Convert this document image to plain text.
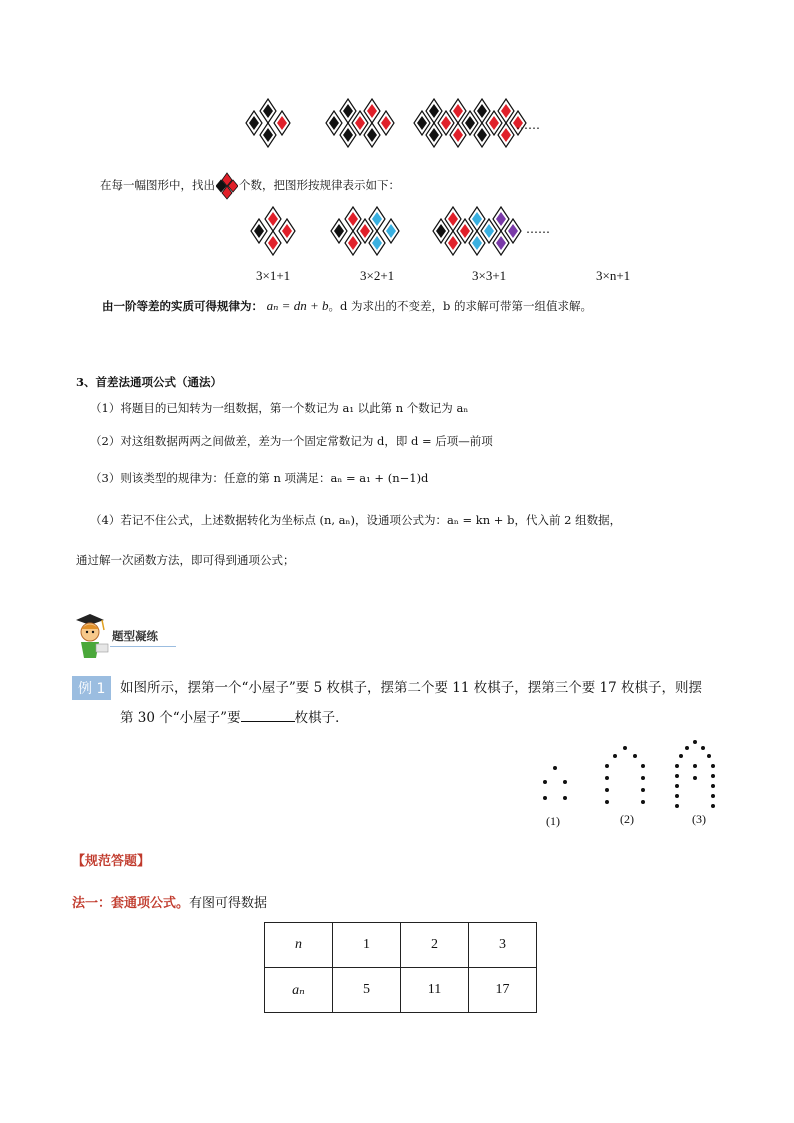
……
在每一幅图形中，找出 个数，把图形按规律表示如下：
……
3×1+1	3×2+1	3×3+1	3×n+1
由一阶等差的实质可得规律为： aₙ = dn + b。d 为求出的不变差，b 的求解可带第一组值求解。
3、首差法通项公式（通法）
（1）将题目的已知转为一组数据，第一个数记为 a₁ 以此第 n 个数记为 aₙ
（2）对这组数据两两之间做差，差为一个固定常数记为 d，即 d = 后项—前项
（3）则该类型的规律为：任意的第 n 项满足：aₙ = a₁ + (n−1)d
（4）若记不住公式，上述数据转化为坐标点 (n, aₙ)，设通项公式为：aₙ = kn + b，代入前 2 组数据，
通过解一次函数方法，即可得到通项公式；
题型凝练
例 1	如图所示，摆第一个“小屋子”要 5 枚棋子，摆第二个要 11 枚棋子，摆第三个要 17 枚棋子，则摆
第 30 个“小屋子”要	枚棋子．
(1)	(2)	(3)
【规范答题】
法一：套通项公式。有图可得数据
n	1	2	3
aₙ	5	11	17
